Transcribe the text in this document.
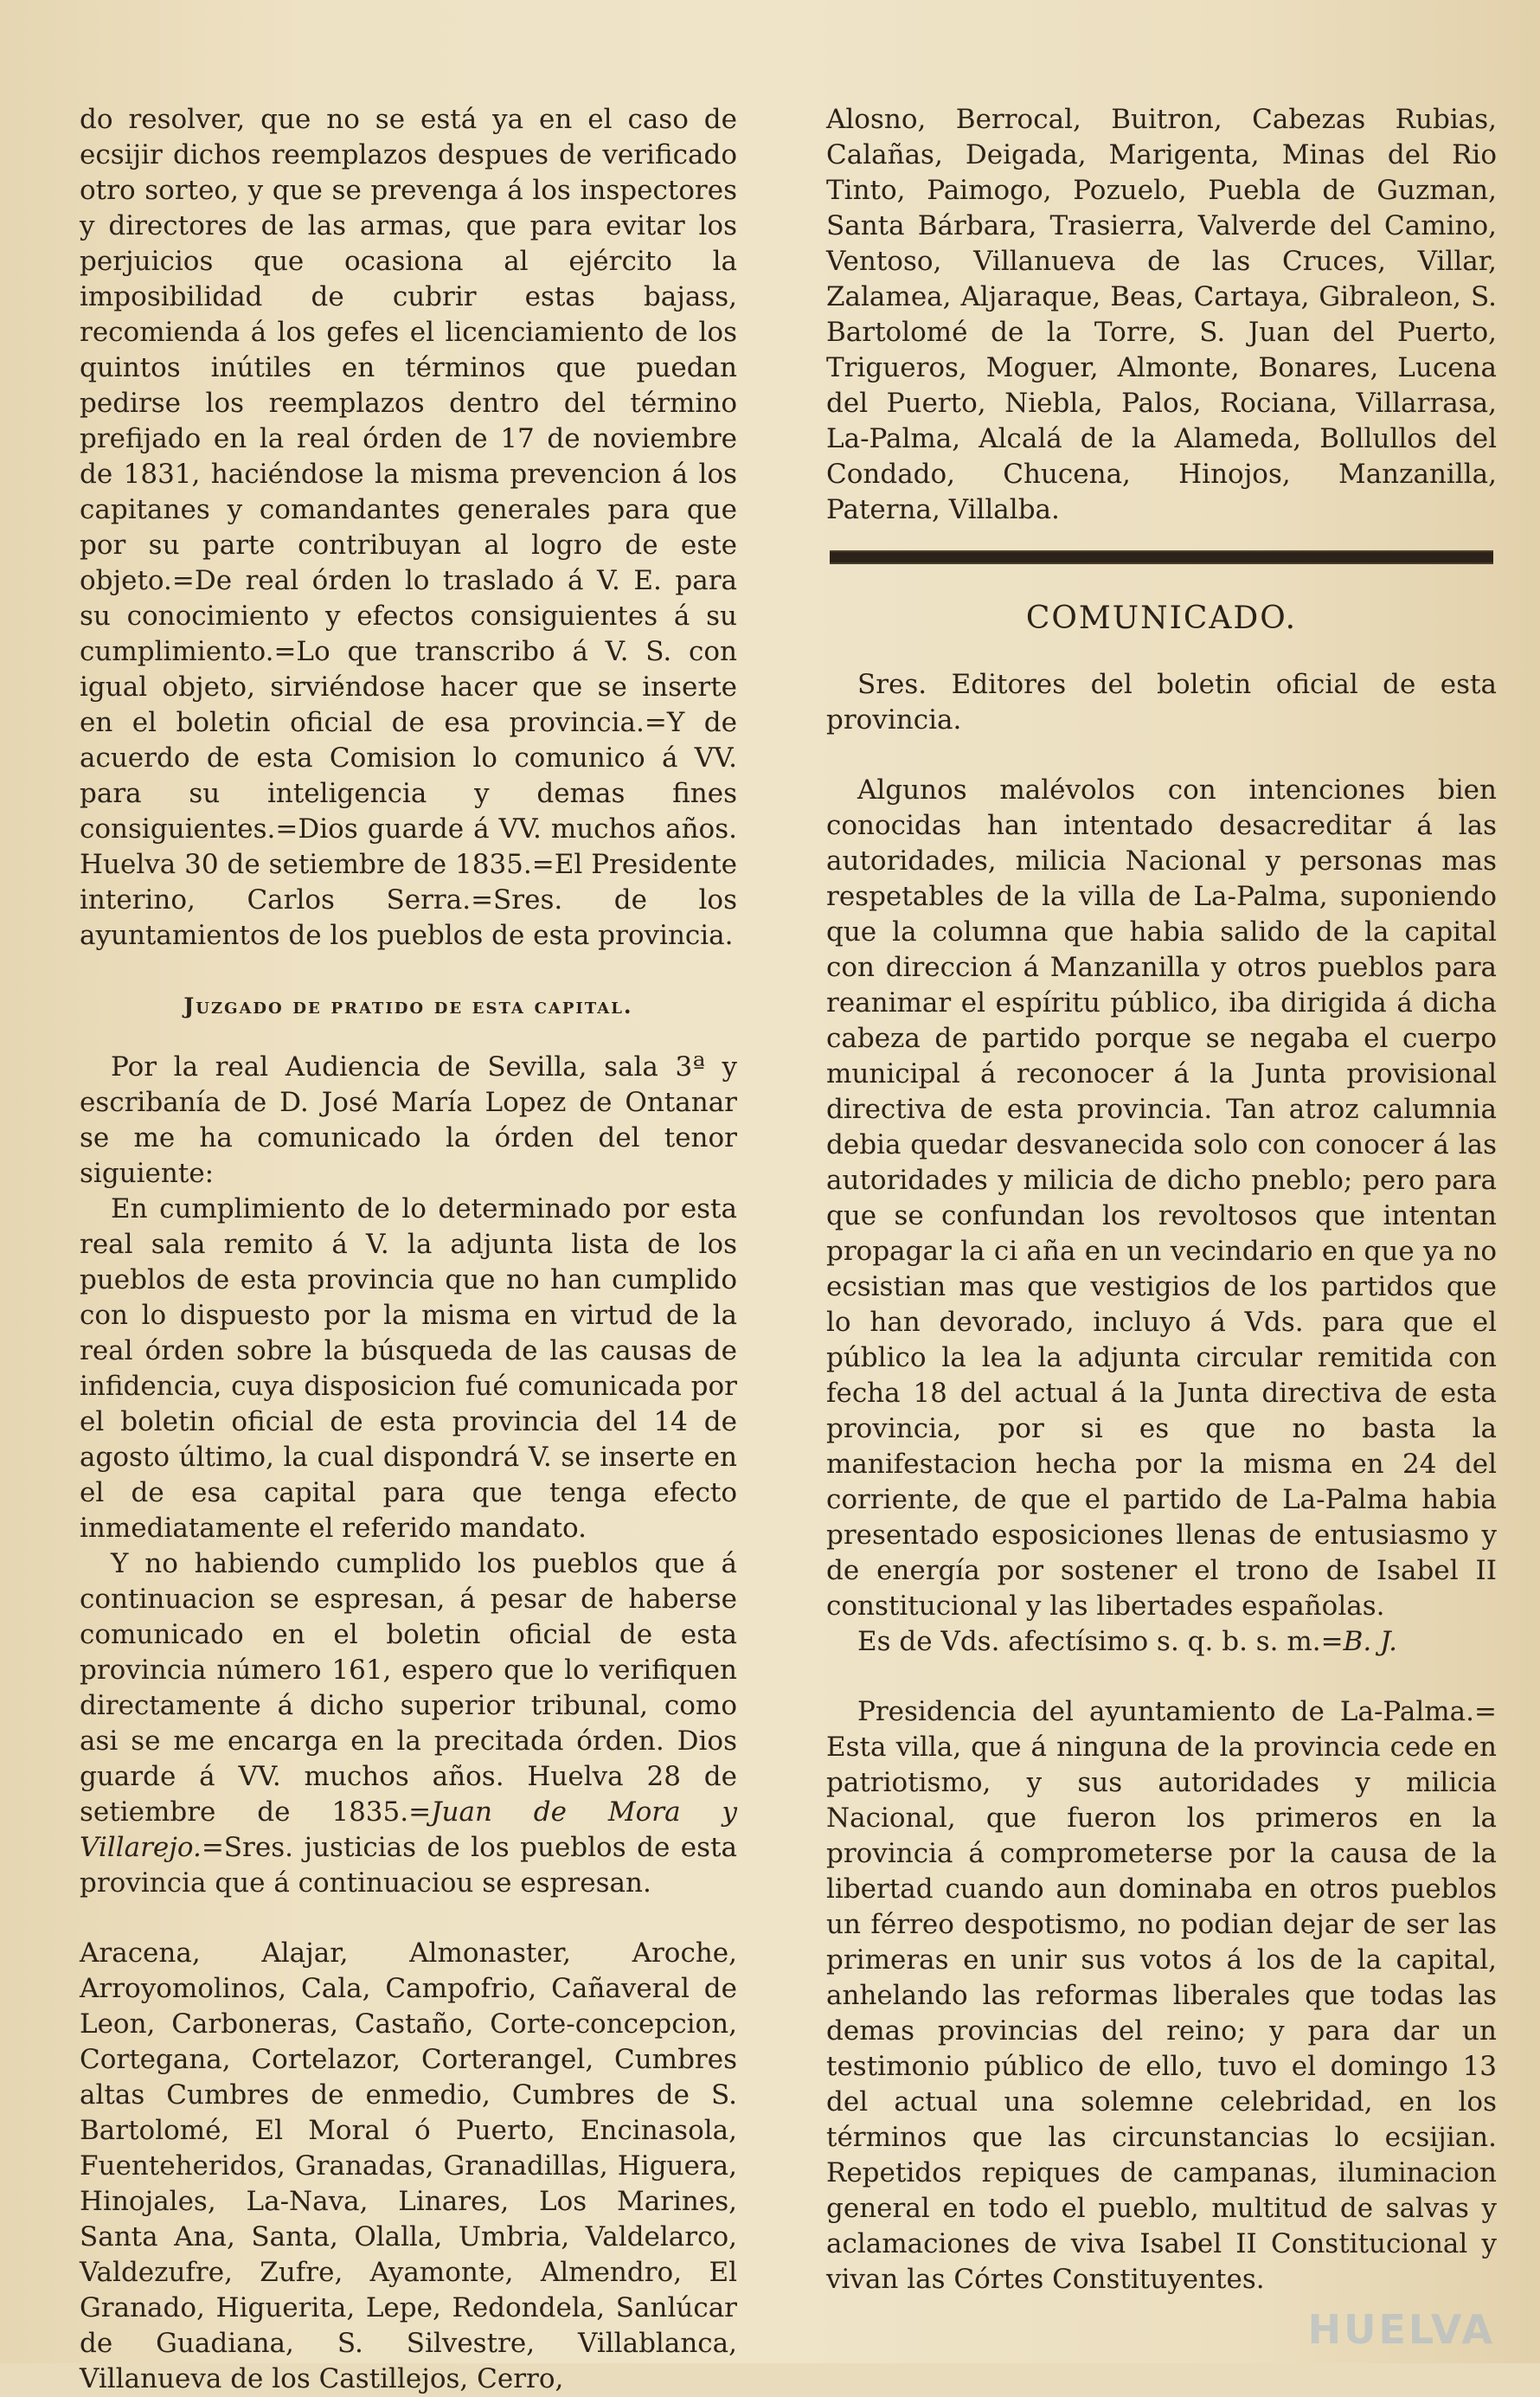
do resolver, que no se está ya en el caso de ecsijir dichos reemplazos despues de verificado otro sorteo, y que se prevenga á los inspectores y directores de las armas, que para evitar los perjuicios que ocasiona al ejército la imposibilidad de cubrir estas bajass, recomienda á los gefes el licenciamiento de los quintos inútiles en términos que puedan pedirse los reemplazos dentro del término prefijado en la real órden de 17 de noviembre de 1831, haciéndose la misma prevencion á los capitanes y comandantes generales para que por su parte contribuyan al logro de este objeto.=De real órden lo traslado á V. E. para su conocimiento y efectos consiguientes á su cumplimiento.=Lo que transcribo á V. S. con igual objeto, sirviéndose hacer que se inserte en el boletin oficial de esa provincia.=Y de acuerdo de esta Comision lo comunico á VV. para su inteligencia y demas fines consiguientes.=Dios guarde á VV. muchos años. Huelva 30 de setiembre de 1835.=El Presidente interino, Carlos Serra.=Sres. de los ayuntamientos de los pueblos de esta provincia.

Juzgado de pratido de esta capital.

Por la real Audiencia de Sevilla, sala 3ª y escribanía de D. José María Lopez de Ontanar se me ha comunicado la órden del tenor siguiente:

En cumplimiento de lo determinado por esta real sala remito á V. la adjunta lista de los pueblos de esta provincia que no han cumplido con lo dispuesto por la misma en virtud de la real órden sobre la búsqueda de las causas de infidencia, cuya disposicion fué comunicada por el boletin oficial de esta provincia del 14 de agosto último, la cual dispondrá V. se inserte en el de esa capital para que tenga efecto inmediatamente el referido mandato.

Y no habiendo cumplido los pueblos que á continuacion se espresan, á pesar de haberse comunicado en el boletin oficial de esta provincia número 161, espero que lo verifiquen directamente á dicho superior tribunal, como asi se me encarga en la precitada órden. Dios guarde á VV. muchos años. Huelva 28 de setiembre de 1835.=Juan de Mora y Villarejo.=Sres. justicias de los pueblos de esta provincia que á continuaciou se espresan.

Aracena, Alajar, Almonaster, Aroche, Arroyomolinos, Cala, Campofrio, Cañaveral de Leon, Carboneras, Castaño, Corte-concepcion, Cortegana, Cortelazor, Corterangel, Cumbres altas Cumbres de enmedio, Cumbres de S. Bartolomé, El Moral ó Puerto, Encinasola, Fuenteheridos, Granadas, Granadillas, Higuera, Hinojales, La-Nava, Linares, Los Marines, Santa Ana, Santa, Olalla, Umbria, Valdelarco, Valdezufre, Zufre, Ayamonte, Almendro, El Granado, Higuerita, Lepe, Redondela, Sanlúcar de Guadiana, S. Silvestre, Villablanca, Villanueva de los Castillejos, Cerro,

Alosno, Berrocal, Buitron, Cabezas Rubias, Calañas, Deigada, Marigenta, Minas del Rio Tinto, Paimogo, Pozuelo, Puebla de Guzman, Santa Bárbara, Trasierra, Valverde del Camino, Ventoso, Villanueva de las Cruces, Villar, Zalamea, Aljaraque, Beas, Cartaya, Gibraleon, S. Bartolomé de la Torre, S. Juan del Puerto, Trigueros, Moguer, Almonte, Bonares, Lucena del Puerto, Niebla, Palos, Rociana, Villarrasa, La-Palma, Alcalá de la Alameda, Bollullos del Condado, Chucena, Hinojos, Manzanilla, Paterna, Villalba.

COMUNICADO.

Sres. Editores del boletin oficial de esta provincia.

Algunos malévolos con intenciones bien conocidas han intentado desacreditar á las autoridades, milicia Nacional y personas mas respetables de la villa de La-Palma, suponiendo que la columna que habia salido de la capital con direccion á Manzanilla y otros pueblos para reanimar el espíritu público, iba dirigida á dicha cabeza de partido porque se negaba el cuerpo municipal á reconocer á la Junta provisional directiva de esta provincia. Tan atroz calumnia debia quedar desvanecida solo con conocer á las autoridades y milicia de dicho pneblo; pero para que se confundan los revoltosos que intentan propagar la ci aña en un vecindario en que ya no ecsistian mas que vestigios de los partidos que lo han devorado, incluyo á Vds. para que el público la lea la adjunta circular remitida con fecha 18 del actual á la Junta directiva de esta provincia, por si es que no basta la manifestacion hecha por la misma en 24 del corriente, de que el partido de La-Palma habia presentado esposiciones llenas de entusiasmo y de energía por sostener el trono de Isabel II constitucional y las libertades españolas.

Es de Vds. afectísimo s. q. b. s. m.=B. J.

Presidencia del ayuntamiento de La-Palma.= Esta villa, que á ninguna de la provincia cede en patriotismo, y sus autoridades y milicia Nacional, que fueron los primeros en la provincia á comprometerse por la causa de la libertad cuando aun dominaba en otros pueblos un férreo despotismo, no podian dejar de ser las primeras en unir sus votos á los de la capital, anhelando las reformas liberales que todas las demas provincias del reino; y para dar un testimonio público de ello, tuvo el domingo 13 del actual una solemne celebridad, en los términos que las circunstancias lo ecsijian. Repetidos repiques de campanas, iluminacion general en todo el pueblo, multitud de salvas y aclamaciones de viva Isabel II Constitucional y vivan las Córtes Constituyentes.

HUELVA
